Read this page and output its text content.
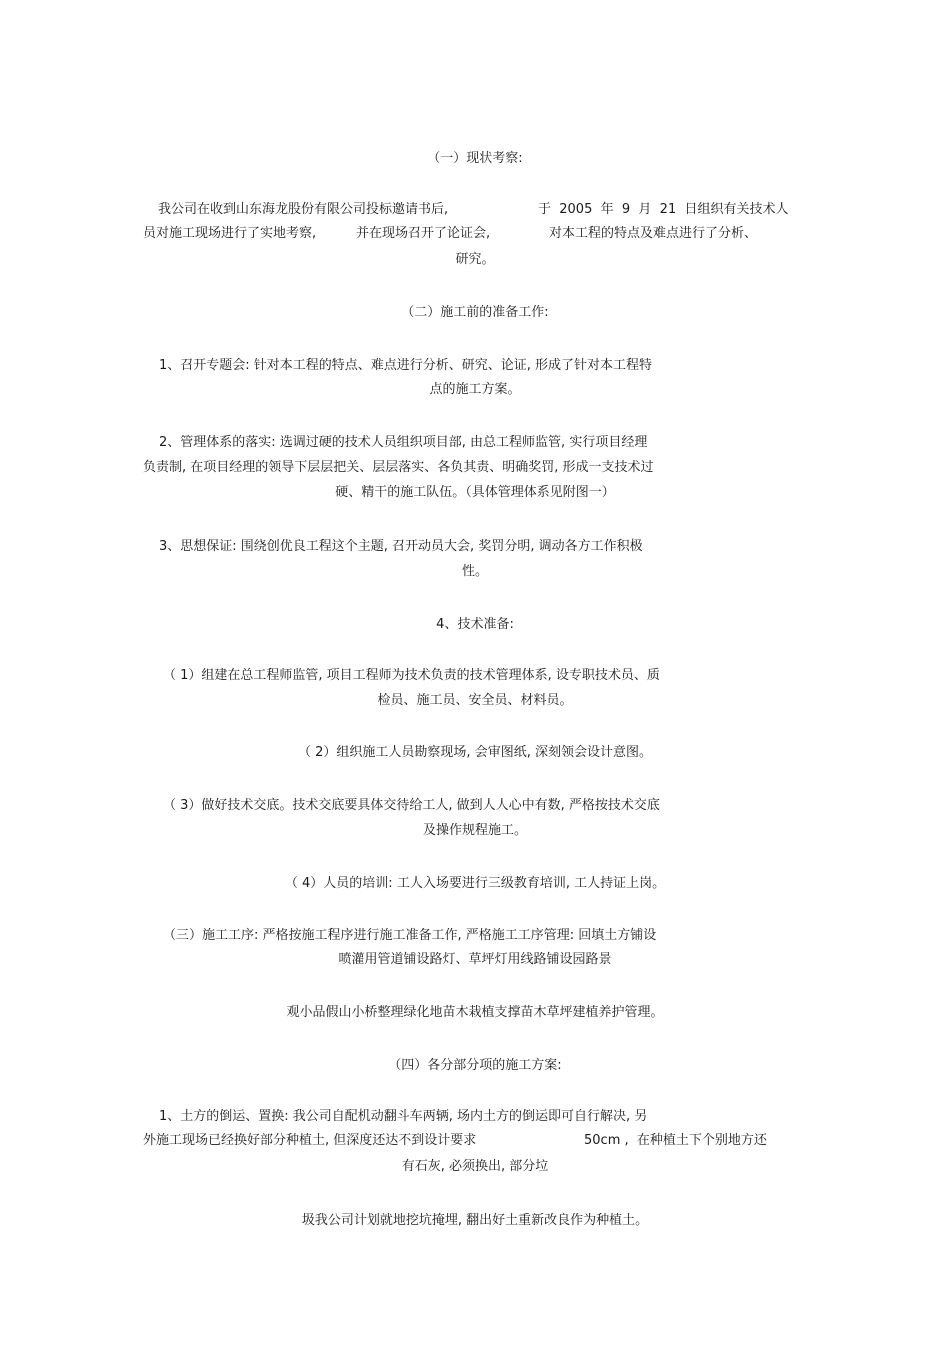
（一）现状考察:
我公司在收到山东海龙股份有限公司投标邀请书后,	于  2005  年  9  月  21  日组织有关技术人
员对施工现场进行了实地考察,	并在现场召开了论证会,	对本工程的特点及难点进行了分析、
研究。
（二）施工前的准备工作:
1、召开专题会: 针对本工程的特点、难点进行分析、研究、论证, 形成了针对本工程特
点的施工方案。
2、管理体系的落实: 选调过硬的技术人员组织项目部, 由总工程师监管, 实行项目经理
负责制, 在项目经理的领导下层层把关、层层落实、各负其责、明确奖罚, 形成一支技术过
硬、精干的施工队伍。（具体管理体系见附图一）
3、思想保证: 围绕创优良工程这个主题, 召开动员大会, 奖罚分明, 调动各方工作积极
性。
4、技术准备:
（ 1）组建在总工程师监管, 项目工程师为技术负责的技术管理体系, 设专职技术员、质
检员、施工员、安全员、材料员。
（ 2）组织施工人员勘察现场, 会审图纸, 深刻领会设计意图。
（ 3）做好技术交底。技术交底要具体交待给工人, 做到人人心中有数, 严格按技术交底
及操作规程施工。
（ 4）人员的培训: 工人入场要进行三级教育培训, 工人持证上岗。
（三）施工工序: 严格按施工程序进行施工准备工作, 严格施工工序管理: 回填土方铺设
喷灌用管道铺设路灯、草坪灯用线路铺设园路景
观小品假山小桥整理绿化地苗木栽植支撑苗木草坪建植养护管理。
（四）各分部分项的施工方案:
1、土方的倒运、置换: 我公司自配机动翻斗车两辆, 场内土方的倒运即可自行解决, 另
外施工现场已经换好部分种植土, 但深度还达不到设计要求	50cm ,  在种植土下个别地方还
有石灰, 必须换出, 部分垃
圾我公司计划就地挖坑掩埋, 翻出好土重新改良作为种植土。
